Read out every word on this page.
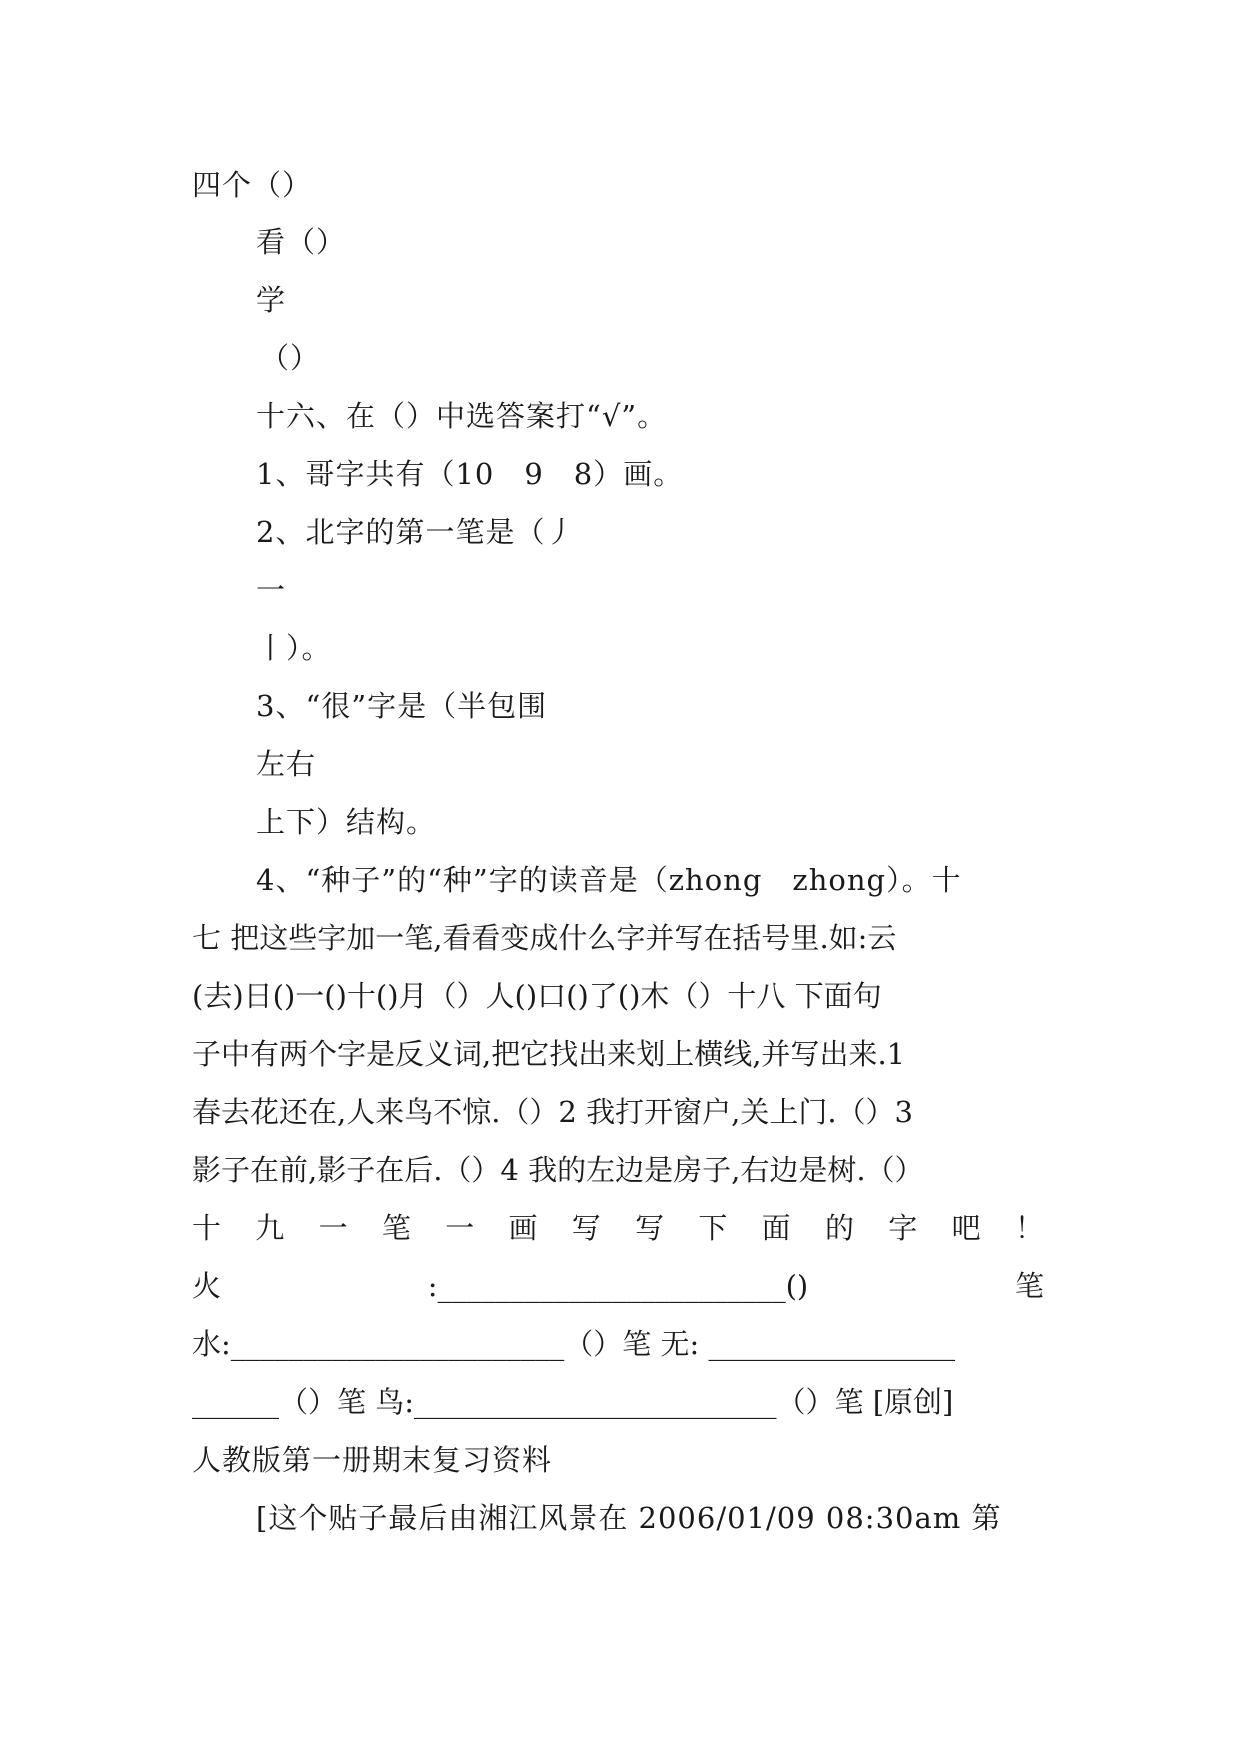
四个（）
看（）
学
（）
十六、在（）中选答案打“√”。
1、哥字共有（10　9　8）画。
2、北字的第一笔是（丿
一
丨）。
3、“很”字是（半包围
左右
上下）结构。
4、“种子”的“种”字的读音是（zhong　zhong）。十
七 把这些字加一笔,看看变成什么字并写在括号里.如:云
(去)日()一()十()月（）人()口()了()木（）十八 下面句
子中有两个字是反义词,把它找出来划上横线,并写出来.1
春去花还在,人来鸟不惊.（）2 我打开窗户,关上门.（）3
影子在前,影子在后.（）4 我的左边是房子,右边是树.（）
十 九 一 笔 一 画 写 写 下 面 的 字 吧 ！
火	:________________________()	笔
水:_______________________（）笔 无: _________________
______（）笔 鸟:_________________________（）笔 [原创]
人教版第一册期末复习资料
[这个贴子最后由湘江风景在 2006/01/09 08:30am 第
